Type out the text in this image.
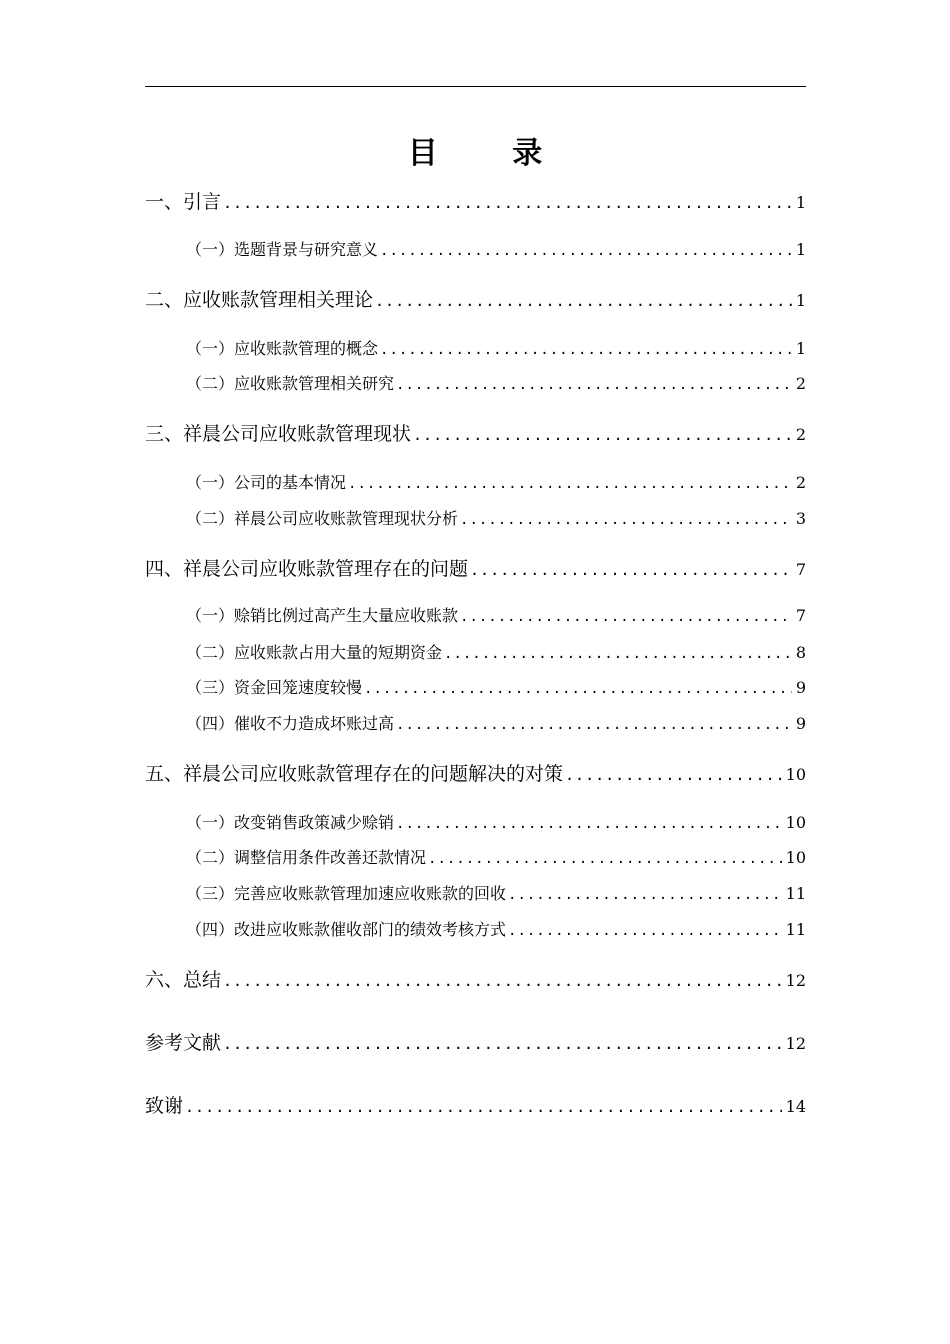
目 录
一、引言 .....	1
（一）选题背景与研究意义 .....	1
二、应收账款管理相关理论 .....	1
（一）应收账款管理的概念 .....	1
（二）应收账款管理相关研究 .....	2
三、祥晨公司应收账款管理现状 .....	2
（一）公司的基本情况 .....	2
（二）祥晨公司应收账款管理现状分析 .....	3
四、祥晨公司应收账款管理存在的问题 .....	7
（一）赊销比例过高产生大量应收账款 .....	7
（二）应收账款占用大量的短期资金 .....	8
（三）资金回笼速度较慢 .....	9
（四）催收不力造成坏账过高 .....	9
五、祥晨公司应收账款管理存在的问题解决的对策 .....	10
（一）改变销售政策减少赊销 .....	10
（二）调整信用条件改善还款情况 .....	10
（三）完善应收账款管理加速应收账款的回收 .....	11
（四）改进应收账款催收部门的绩效考核方式 .....	11
六、总结 .....	12
参考文献 .....	12
致谢 .....	14
